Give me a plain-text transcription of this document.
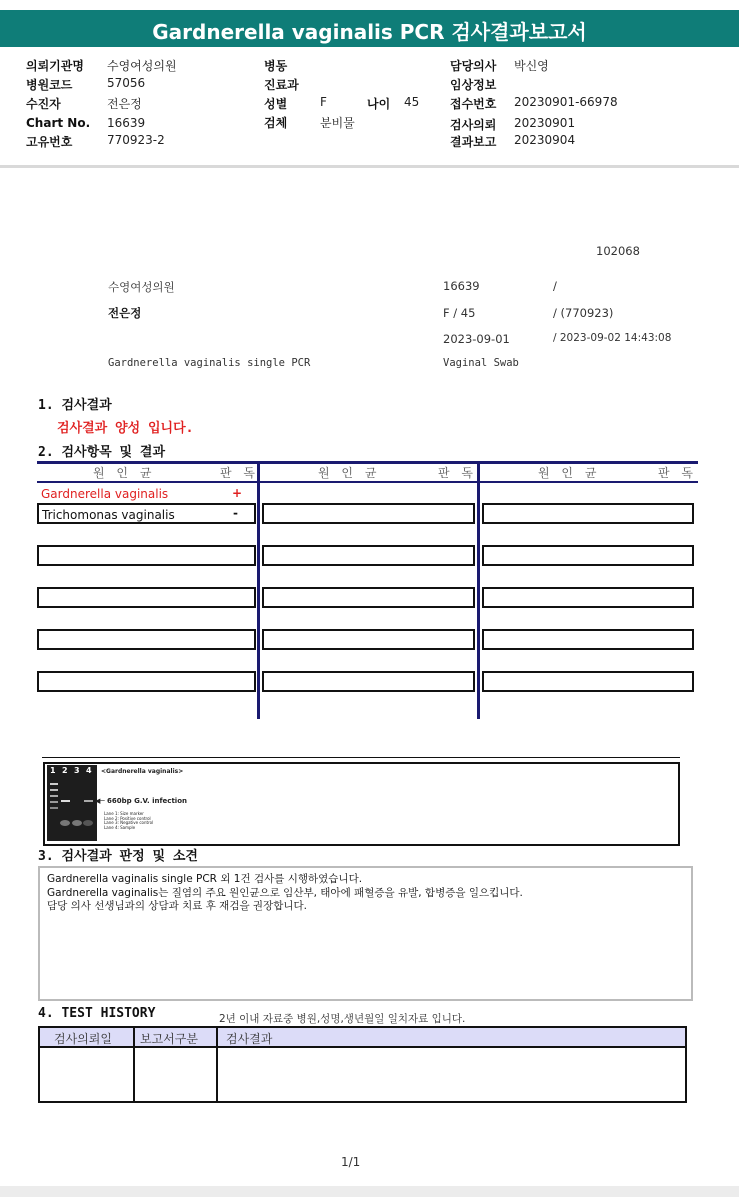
Gardnerella vaginalis PCR 검사결과보고서
의뢰기관명 수영여성의원
병원코드	57056
수진자	전은정
Chart No. 16639
고유번호	770923-2
병동
진료과
성별	F
검체	분비물
나이 45
담당의사 박신영
임상정보
접수번호 20230901-66978
검사의뢰 20230901
결과보고 20230904
102068
수영여성의원	16639	/
전은정	F / 45	/ (770923)
2023-09-01	/ 2023-09-02 14:43:08
Gardnerella vaginalis single PCR	Vaginal Swab
1. 검사결과
검사결과 양성 입니다.
2. 검사항목 및 결과
원 인 균	판 독	원 인 균	판 독	원 인 균	판 독
Gardnerella vaginalis	+
Trichomonas vaginalis	-
1 2 3 4 <Gardnerella vaginalis>
◀─ 660bp G.V. infection
Lane 1: Size marker
Lane 2: Positive control
Lane 3: Negative control
Lane 4: Sample
3. 검사결과 판정 및 소견
Gardnerella vaginalis single PCR 외 1건 검사를 시행하였습니다.
Gardnerella vaginalis는 질염의 주요 원인균으로 임산부, 태아에 패혈증을 유발, 합병증을 일으킵니다.
담당 의사 선생님과의 상담과 치료 후 재검을 권장합니다.
4. TEST HISTORY	2년 이내 자료중 병원,성명,생년월일 일치자료 입니다.
검사의뢰일 보고서구분 검사결과
1/1
